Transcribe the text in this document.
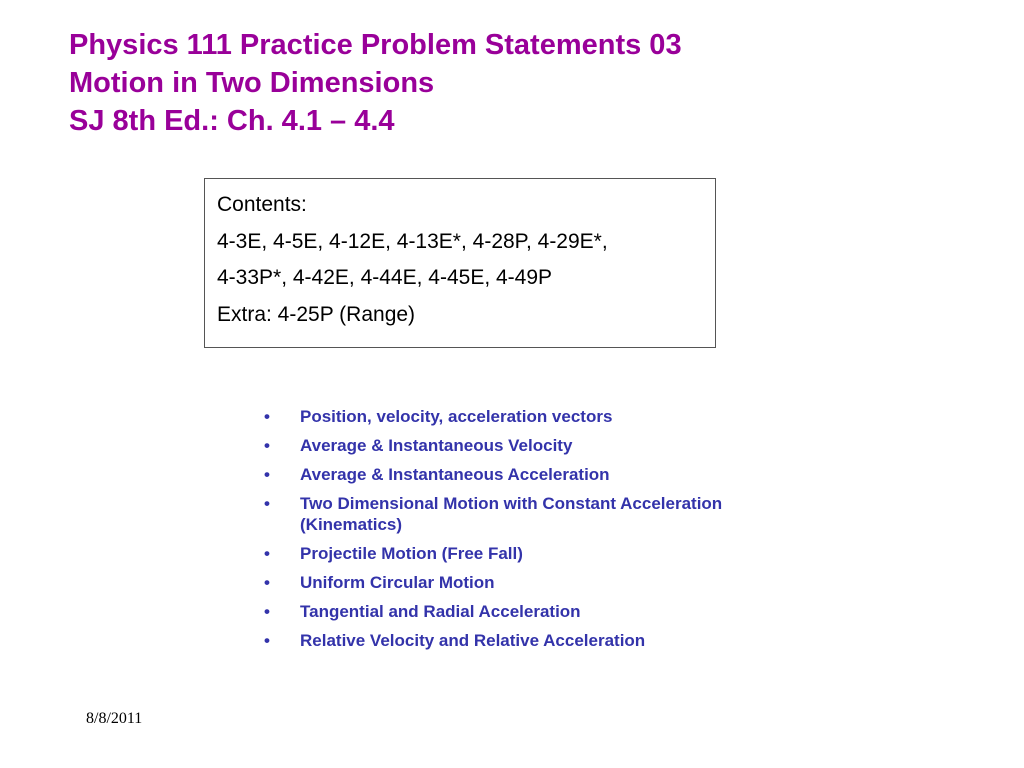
Physics 111 Practice Problem Statements 03
Motion in Two Dimensions
SJ 8th Ed.: Ch. 4.1 – 4.4
Contents:
4-3E, 4-5E, 4-12E, 4-13E*, 4-28P, 4-29E*,
4-33P*, 4-42E, 4-44E, 4-45E, 4-49P
Extra: 4-25P (Range)
• Position, velocity, acceleration vectors
• Average & Instantaneous Velocity
• Average & Instantaneous Acceleration
• Two Dimensional Motion with Constant Acceleration (Kinematics)
• Projectile Motion (Free Fall)
• Uniform Circular Motion
• Tangential and Radial Acceleration
• Relative Velocity and Relative Acceleration
8/8/2011
